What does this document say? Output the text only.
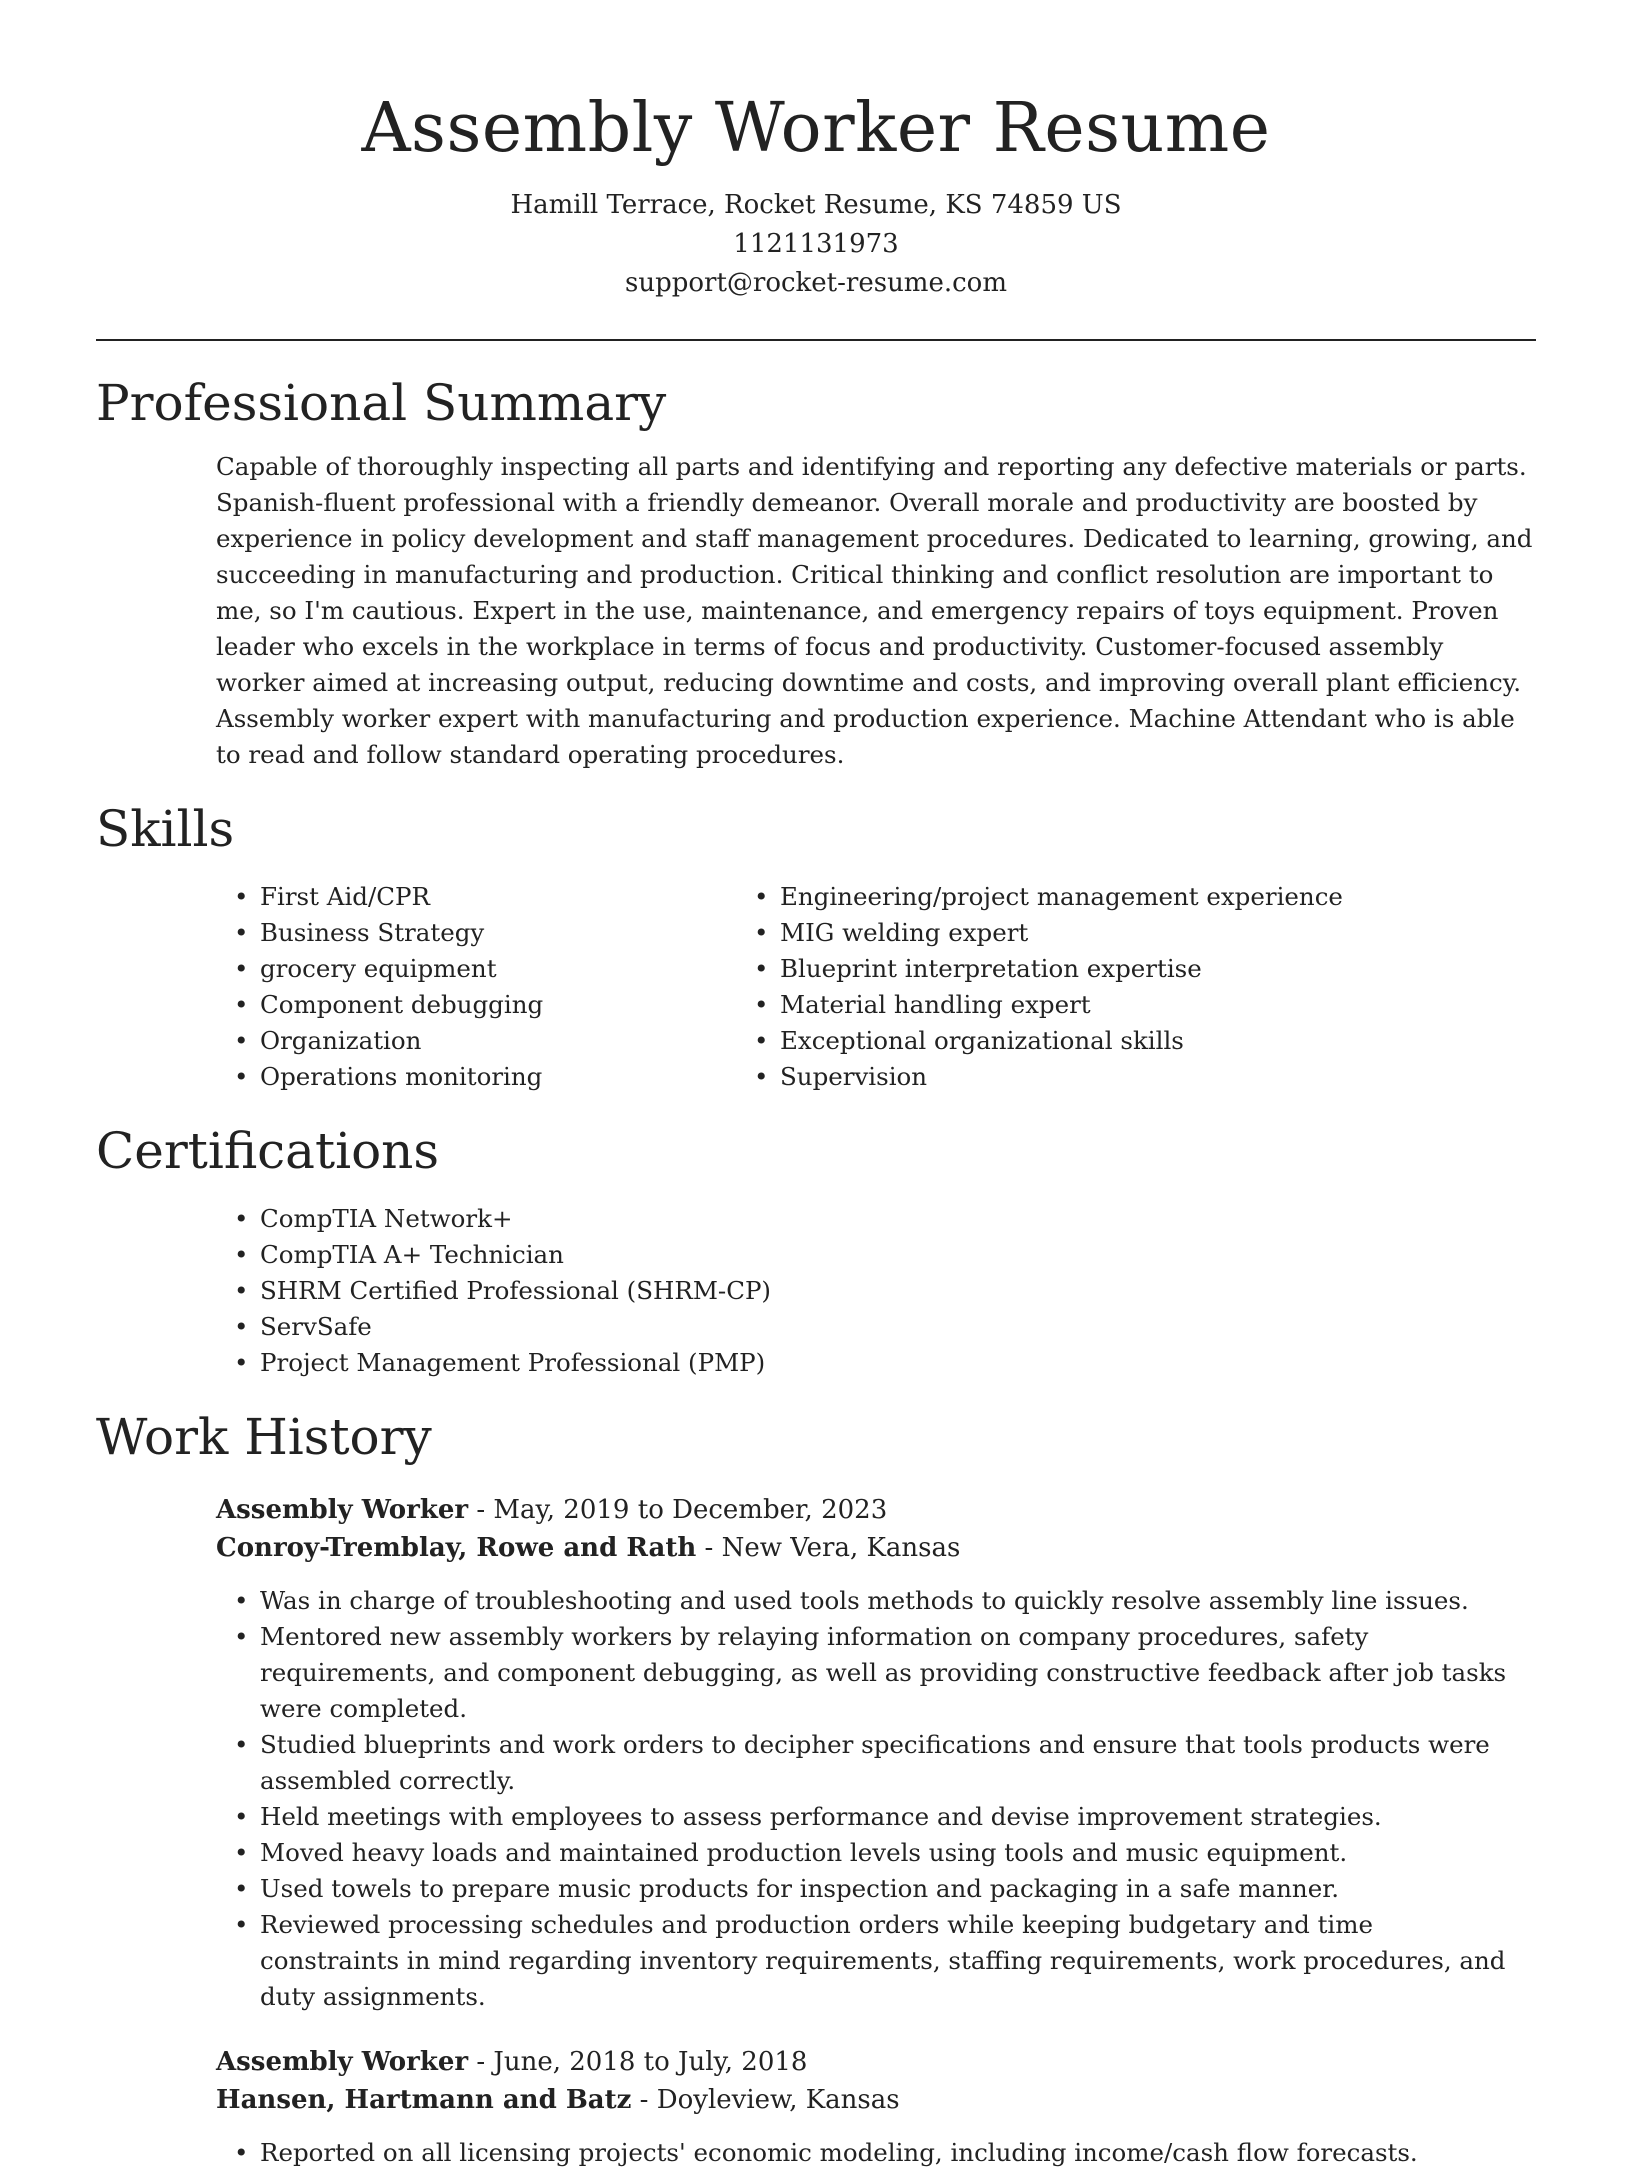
Assembly Worker Resume
Hamill Terrace, Rocket Resume, KS 74859 US
1121131973
support@rocket-resume.com
Professional Summary

Capable of thoroughly inspecting all parts and identifying and reporting any defective materials or parts. Spanish-fluent professional with a friendly demeanor. Overall morale and productivity are boosted by experience in policy development and staff management procedures. Dedicated to learning, growing, and succeeding in manufacturing and production. Critical thinking and conflict resolution are important to me, so I'm cautious. Expert in the use, maintenance, and emergency repairs of toys equipment. Proven leader who excels in the workplace in terms of focus and productivity. Customer-focused assembly worker aimed at increasing output, reducing downtime and costs, and improving overall plant efficiency. Assembly worker expert with manufacturing and production experience. Machine Attendant who is able to read and follow standard operating procedures.

Skills
• First Aid/CPR
• Business Strategy
• grocery equipment
• Component debugging
• Organization
• Operations monitoring
• Engineering/project management experience
• MIG welding expert
• Blueprint interpretation expertise
• Material handling expert
• Exceptional organizational skills
• Supervision
Certifications
• CompTIA Network+
• CompTIA A+ Technician
• SHRM Certified Professional (SHRM-CP)
• ServSafe
• Project Management Professional (PMP)
Work History
Assembly Worker - May, 2019 to December, 2023
Conroy-Tremblay, Rowe and Rath - New Vera, Kansas
• Was in charge of troubleshooting and used tools methods to quickly resolve assembly line issues.
• Mentored new assembly workers by relaying information on company procedures, safety requirements, and component debugging, as well as providing constructive feedback after job tasks were completed.
• Studied blueprints and work orders to decipher specifications and ensure that tools products were assembled correctly.
• Held meetings with employees to assess performance and devise improvement strategies.
• Moved heavy loads and maintained production levels using tools and music equipment.
• Used towels to prepare music products for inspection and packaging in a safe manner.
• Reviewed processing schedules and production orders while keeping budgetary and time constraints in mind regarding inventory requirements, staffing requirements, work procedures, and duty assignments.
Assembly Worker - June, 2018 to July, 2018
Hansen, Hartmann and Batz - Doyleview, Kansas
• Reported on all licensing projects' economic modeling, including income/cash flow forecasts.
